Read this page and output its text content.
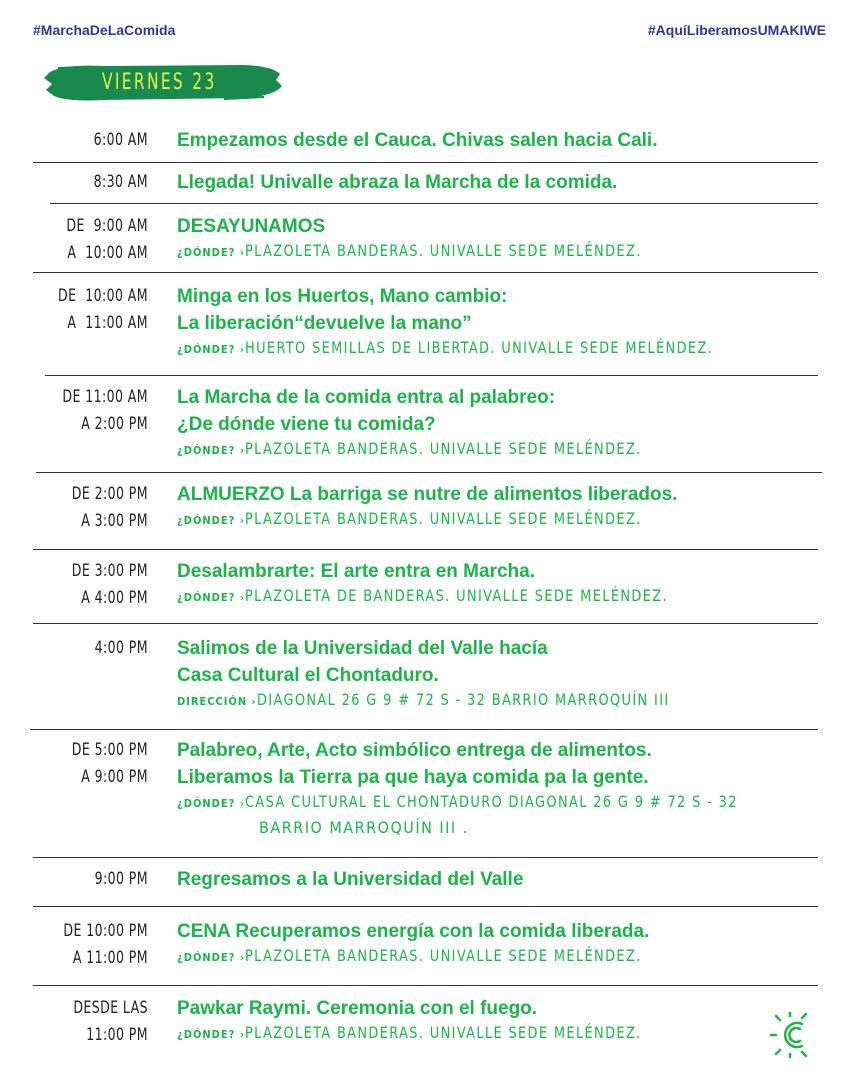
#MarchaDeLaComida	#AquíLiberamosUMAKIWE
VIERNES 23
6:00 AM Empezamos desde el Cauca. Chivas salen hacia Cali.
8:30 AM Llegada! Univalle abraza la Marcha de la comida.
DE  9:00 AM
A  10:00 AM
DESAYUNAMOS
¿DÓNDE? ›PLAZOLETA BANDERAS. UNIVALLE SEDE MELÉNDEZ.
DE  10:00 AM
A  11:00 AM
Minga en los Huertos, Mano cambio:
La liberación“devuelve la mano”
¿DÓNDE? ›HUERTO SEMILLAS DE LIBERTAD. UNIVALLE SEDE MELÉNDEZ.
DE 11:00 AM
A 2:00 PM
La Marcha de la comida entra al palabreo:
¿De dónde viene tu comida?
¿DÓNDE? ›PLAZOLETA BANDERAS. UNIVALLE SEDE MELÉNDEZ.
DE 2:00 PM
A 3:00 PM
ALMUERZO La barriga se nutre de alimentos liberados.
¿DÓNDE? ›PLAZOLETA BANDERAS. UNIVALLE SEDE MELÉNDEZ.
DE 3:00 PM
A 4:00 PM
Desalambrarte: El arte entra en Marcha.
¿DÓNDE? ›PLAZOLETA DE BANDERAS. UNIVALLE SEDE MELÉNDEZ.
4:00 PM Salimos de la Universidad del Valle hacía
Casa Cultural el Chontaduro.
DIRECCIÓN ›DIAGONAL 26 G 9 # 72 S - 32 BARRIO MARROQUÍN III
DE 5:00 PM
A 9:00 PM
Palabreo, Arte, Acto simbólico entrega de alimentos.
Liberamos la Tierra pa que haya comida pa la gente.
¿DÓNDE? ›CASA CULTURAL EL CHONTADURO DIAGONAL 26 G 9 # 72 S - 32
BARRIO MARROQUÍN III .
9:00 PM Regresamos a la Universidad del Valle
DE 10:00 PM
A 11:00 PM
CENA Recuperamos energía con la comida liberada.
¿DÓNDE? ›PLAZOLETA BANDERAS. UNIVALLE SEDE MELÉNDEZ.
DESDE LAS
11:00 PM
Pawkar Raymi. Ceremonia con el fuego.
¿DÓNDE? ›PLAZOLETA BANDERAS. UNIVALLE SEDE MELÉNDEZ.
